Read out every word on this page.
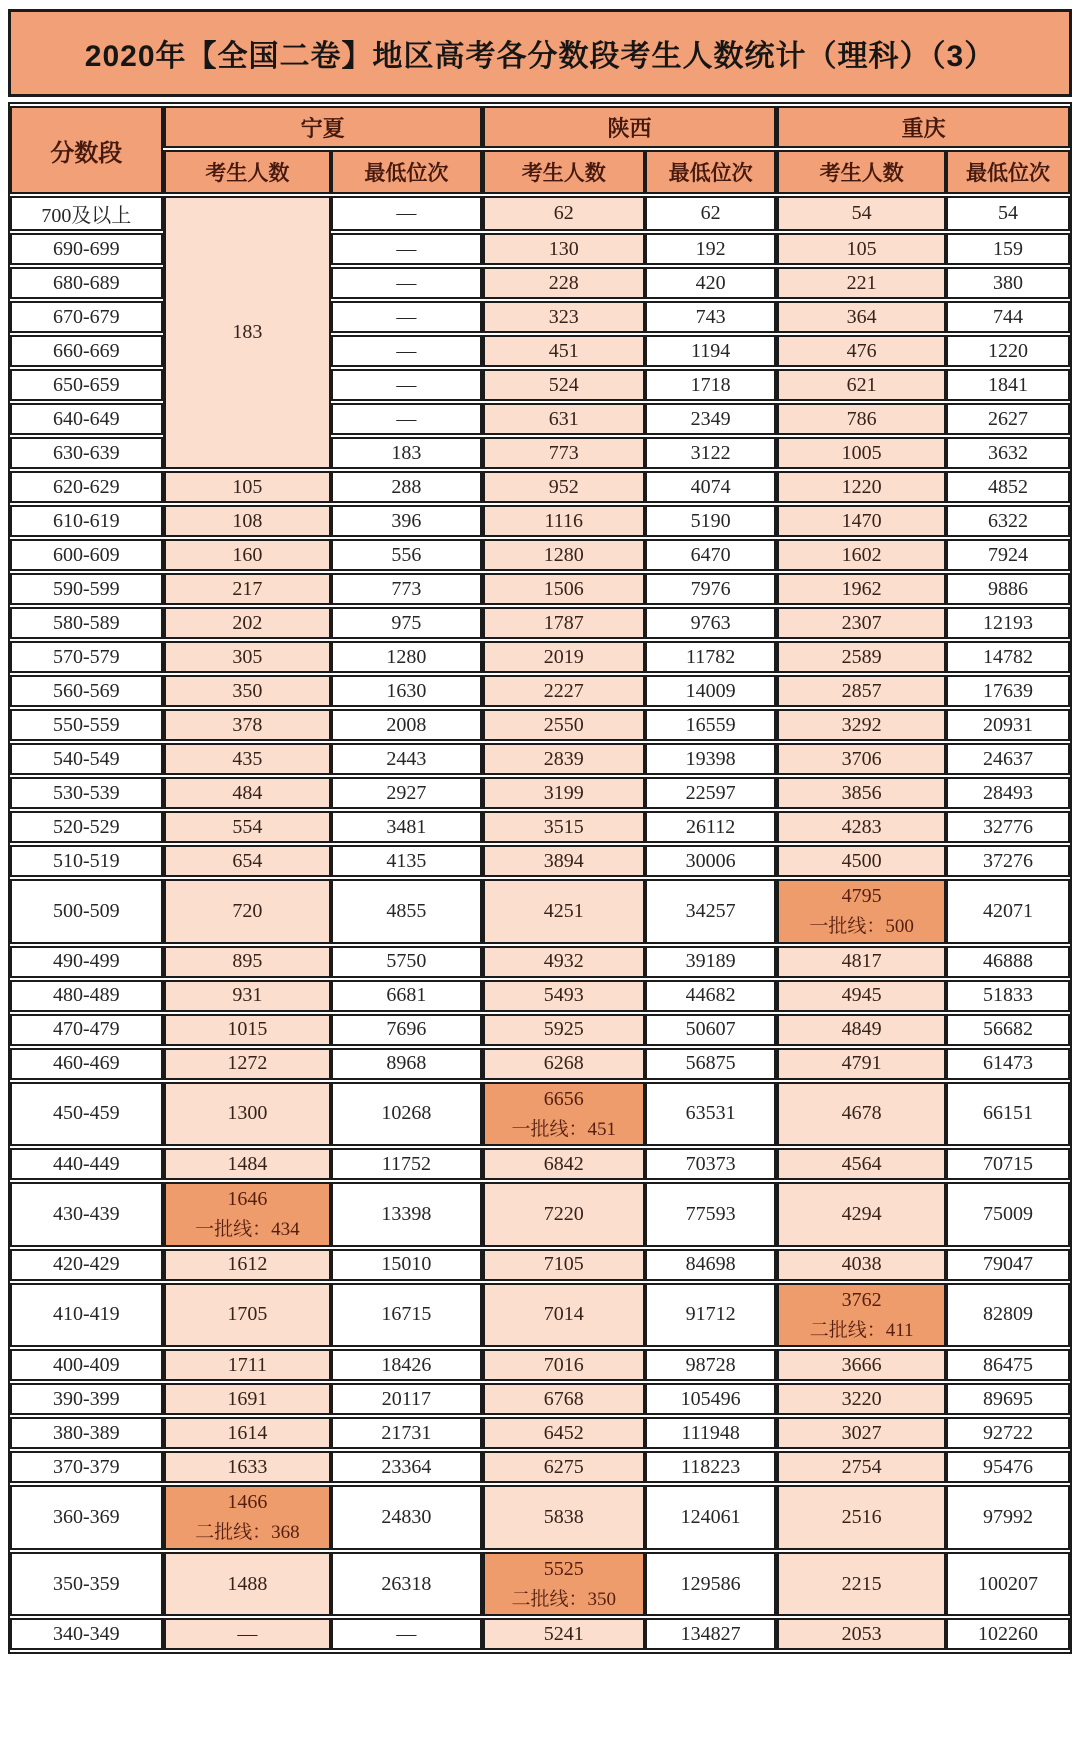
2020年【全国二卷】地区高考各分数段考生人数统计（理科）（3）
分数段	宁夏		陕西		重庆	
	考生人数	最低位次	考生人数	最低位次	考生人数	最低位次
700及以上	183	—	62	62	54	54
690-699		—	130	192	105	159
680-689		—	228	420	221	380
670-679		—	323	743	364	744
660-669		—	451	1194	476	1220
650-659		—	524	1718	621	1841
640-649		—	631	2349	786	2627
630-639		183	773	3122	1005	3632
620-629	105	288	952	4074	1220	4852
610-619	108	396	1116	5190	1470	6322
600-609	160	556	1280	6470	1602	7924
590-599	217	773	1506	7976	1962	9886
580-589	202	975	1787	9763	2307	12193
570-579	305	1280	2019	11782	2589	14782
560-569	350	1630	2227	14009	2857	17639
550-559	378	2008	2550	16559	3292	20931
540-549	435	2443	2839	19398	3706	24637
530-539	484	2927	3199	22597	3856	28493
520-529	554	3481	3515	26112	4283	32776
510-519	654	4135	3894	30006	4500	37276
500-509	720	4855	4251	34257	4795
一批线：500	42071
490-499	895	5750	4932	39189	4817	46888
480-489	931	6681	5493	44682	4945	51833
470-479	1015	7696	5925	50607	4849	56682
460-469	1272	8968	6268	56875	4791	61473
450-459	1300	10268	6656
一批线：451	63531	4678	66151
440-449	1484	11752	6842	70373	4564	70715
430-439	1646
一批线：434	13398	7220	77593	4294	75009
420-429	1612	15010	7105	84698	4038	79047
410-419	1705	16715	7014	91712	3762
二批线：411	82809
400-409	1711	18426	7016	98728	3666	86475
390-399	1691	20117	6768	105496	3220	89695
380-389	1614	21731	6452	111948	3027	92722
370-379	1633	23364	6275	118223	2754	95476
360-369	1466
二批线：368	24830	5838	124061	2516	97992
350-359	1488	26318	5525
二批线：350	129586	2215	100207
340-349	—	—	5241	134827	2053	102260
